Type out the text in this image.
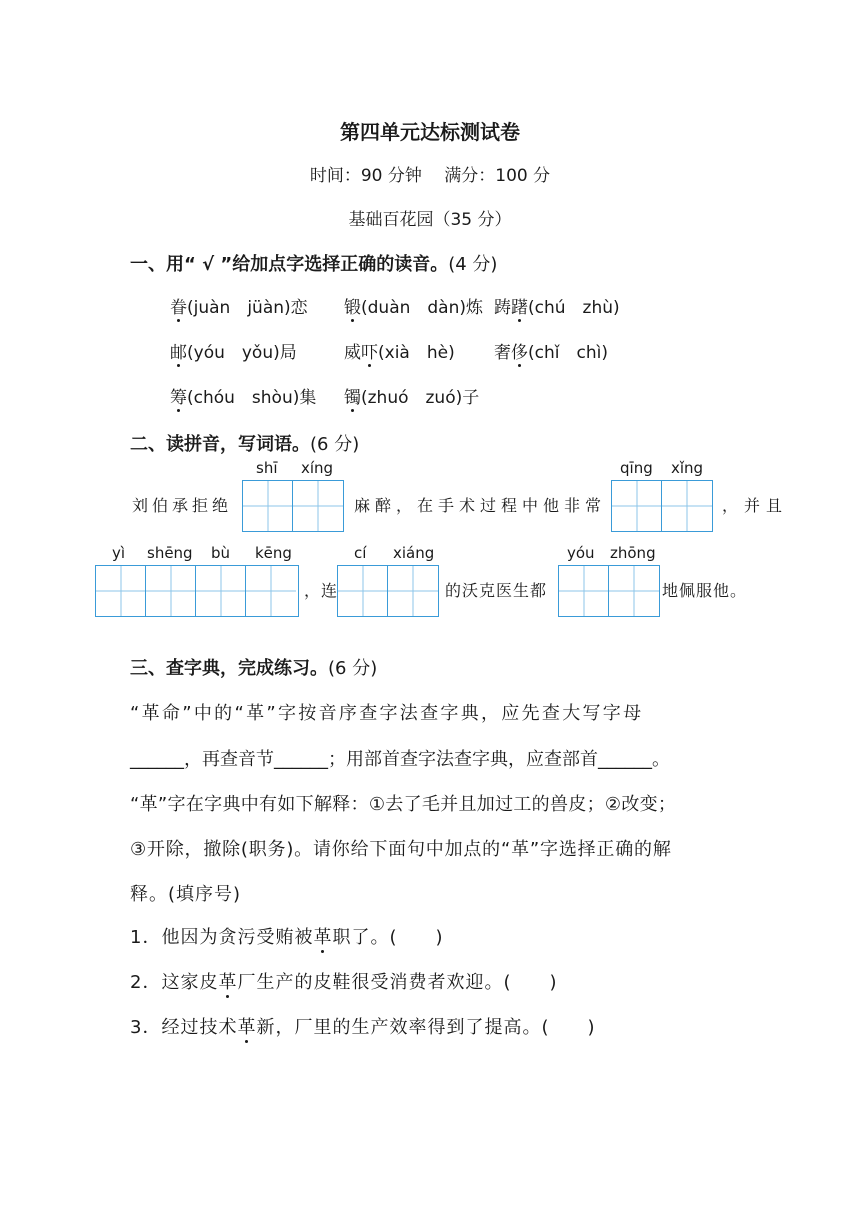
第四单元达标测试卷
时间：90 分钟　 满分：100 分
基础百花园（35 分）
一、用“ √ ”给加点字选择正确的读音。(4 分)
眷(juàn　jüàn)恋 锻(duàn　dàn)炼 踌躇(chú　zhù)
邮(yóu　yǒu)局	威吓(xià　hè) 奢侈(chǐ　chì)
筹(chóu　shòu)集 镯(zhuó　zuó)子
二、读拼音，写词语。(6 分)
刘伯承拒绝
shī xíng
麻醉，在手术过程中他非常
qīng xǐng
，并且
yì shēng bù kēng
，连
cí xiáng
的沃克医生都
yóu zhōng
地佩服他。
三、查字典，完成练习。(6 分)
“革命”中的“革”字按音序查字法查字典，应先查大写字母
______，再查音节______；用部首查字法查字典，应查部首______。
“革”字在字典中有如下解释：①去了毛并且加过工的兽皮；②改变；
③开除，撤除(职务)。请你给下面句中加点的“革”字选择正确的解
释。(填序号)
1．他因为贪污受贿被革职了。(　　)
2．这家皮革厂生产的皮鞋很受消费者欢迎。(　　)
3．经过技术革新，厂里的生产效率得到了提高。(　　)
